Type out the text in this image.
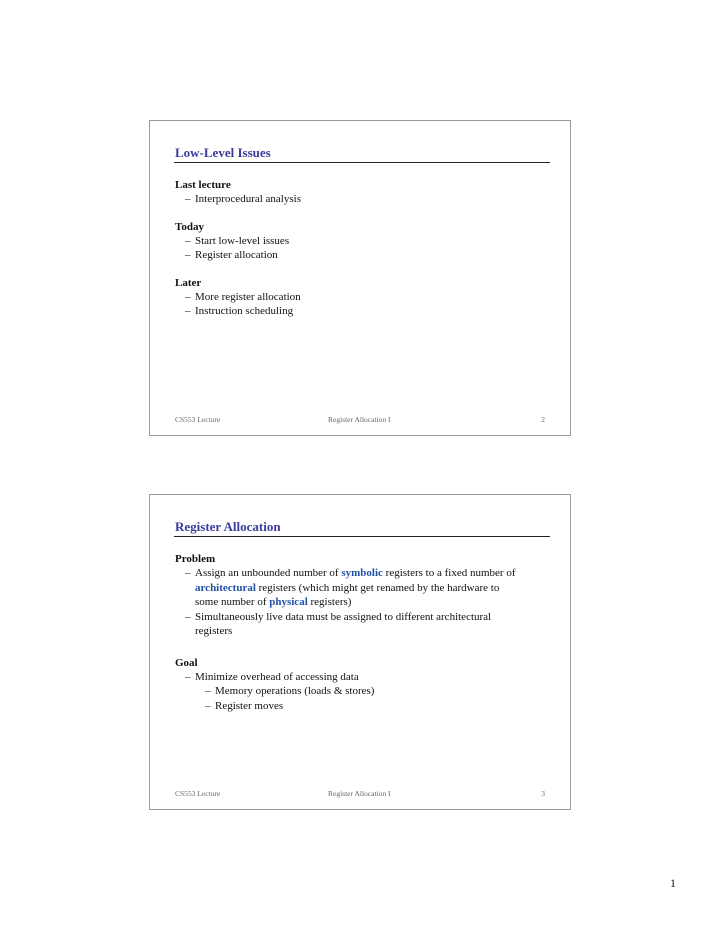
Low-Level Issues
Last lecture
– Interprocedural analysis
Today
– Start low-level issues
– Register allocation
Later
– More register allocation
– Instruction scheduling
CS553 Lecture	Register Allocation I	2
Register Allocation
Problem
– Assign an unbounded number of symbolic registers to a fixed number of
architectural registers (which might get renamed by the hardware to
some number of physical registers)
– Simultaneously live data must be assigned to different architectural
registers
Goal
– Minimize overhead of accessing data
– Memory operations (loads & stores)
– Register moves
CS553 Lecture	Register Allocation I	3
1
